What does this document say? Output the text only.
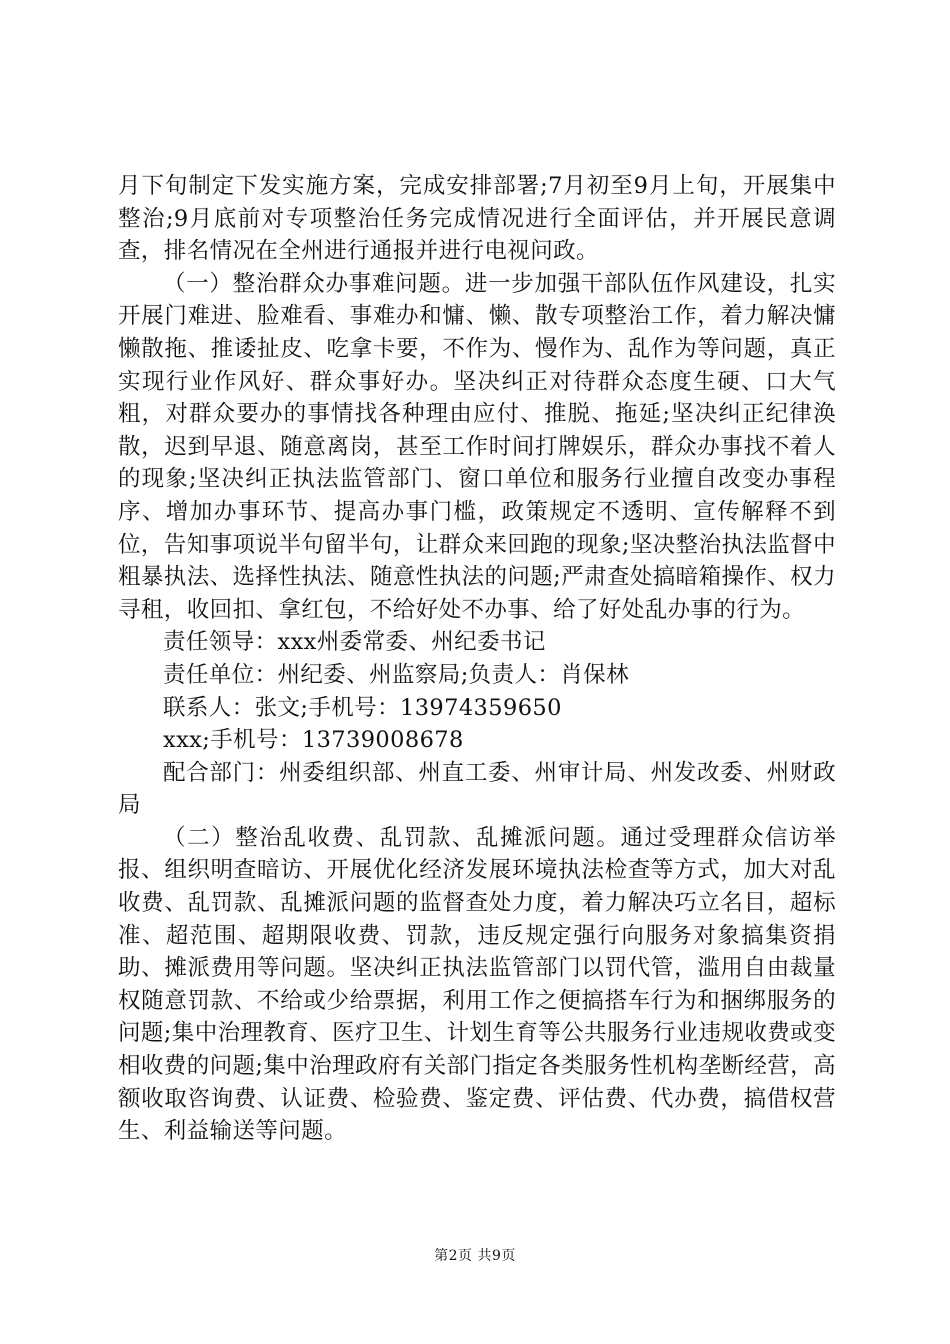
月下旬制定下发实施方案，完成安排部署;7月初至9月上旬，开展集中整治;9月底前对专项整治任务完成情况进行全面评估，并开展民意调查，排名情况在全州进行通报并进行电视问政。

（一）整治群众办事难问题。进一步加强干部队伍作风建设，扎实开展门难进、脸难看、事难办和慵、懒、散专项整治工作，着力解决慵懒散拖、推诿扯皮、吃拿卡要，不作为、慢作为、乱作为等问题，真正实现行业作风好、群众事好办。坚决纠正对待群众态度生硬、口大气粗，对群众要办的事情找各种理由应付、推脱、拖延;坚决纠正纪律涣散，迟到早退、随意离岗，甚至工作时间打牌娱乐，群众办事找不着人的现象;坚决纠正执法监管部门、窗口单位和服务行业擅自改变办事程序、增加办事环节、提高办事门槛，政策规定不透明、宣传解释不到位，告知事项说半句留半句，让群众来回跑的现象;坚决整治执法监督中粗暴执法、选择性执法、随意性执法的问题;严肃查处搞暗箱操作、权力寻租，收回扣、拿红包，不给好处不办事、给了好处乱办事的行为。

责任领导：xxx州委常委、州纪委书记

责任单位：州纪委、州监察局;负责人：肖保林

联系人：张文;手机号：13974359650

xxx;手机号：13739008678

配合部门：州委组织部、州直工委、州审计局、州发改委、州财政局

（二）整治乱收费、乱罚款、乱摊派问题。通过受理群众信访举报、组织明查暗访、开展优化经济发展环境执法检查等方式，加大对乱收费、乱罚款、乱摊派问题的监督查处力度，着力解决巧立名目，超标准、超范围、超期限收费、罚款，违反规定强行向服务对象搞集资捐助、摊派费用等问题。坚决纠正执法监管部门以罚代管，滥用自由裁量权随意罚款、不给或少给票据，利用工作之便搞搭车行为和捆绑服务的问题;集中治理教育、医疗卫生、计划生育等公共服务行业违规收费或变相收费的问题;集中治理政府有关部门指定各类服务性机构垄断经营，高额收取咨询费、认证费、检验费、鉴定费、评估费、代办费，搞借权营生、利益输送等问题。

第2页 共9页
